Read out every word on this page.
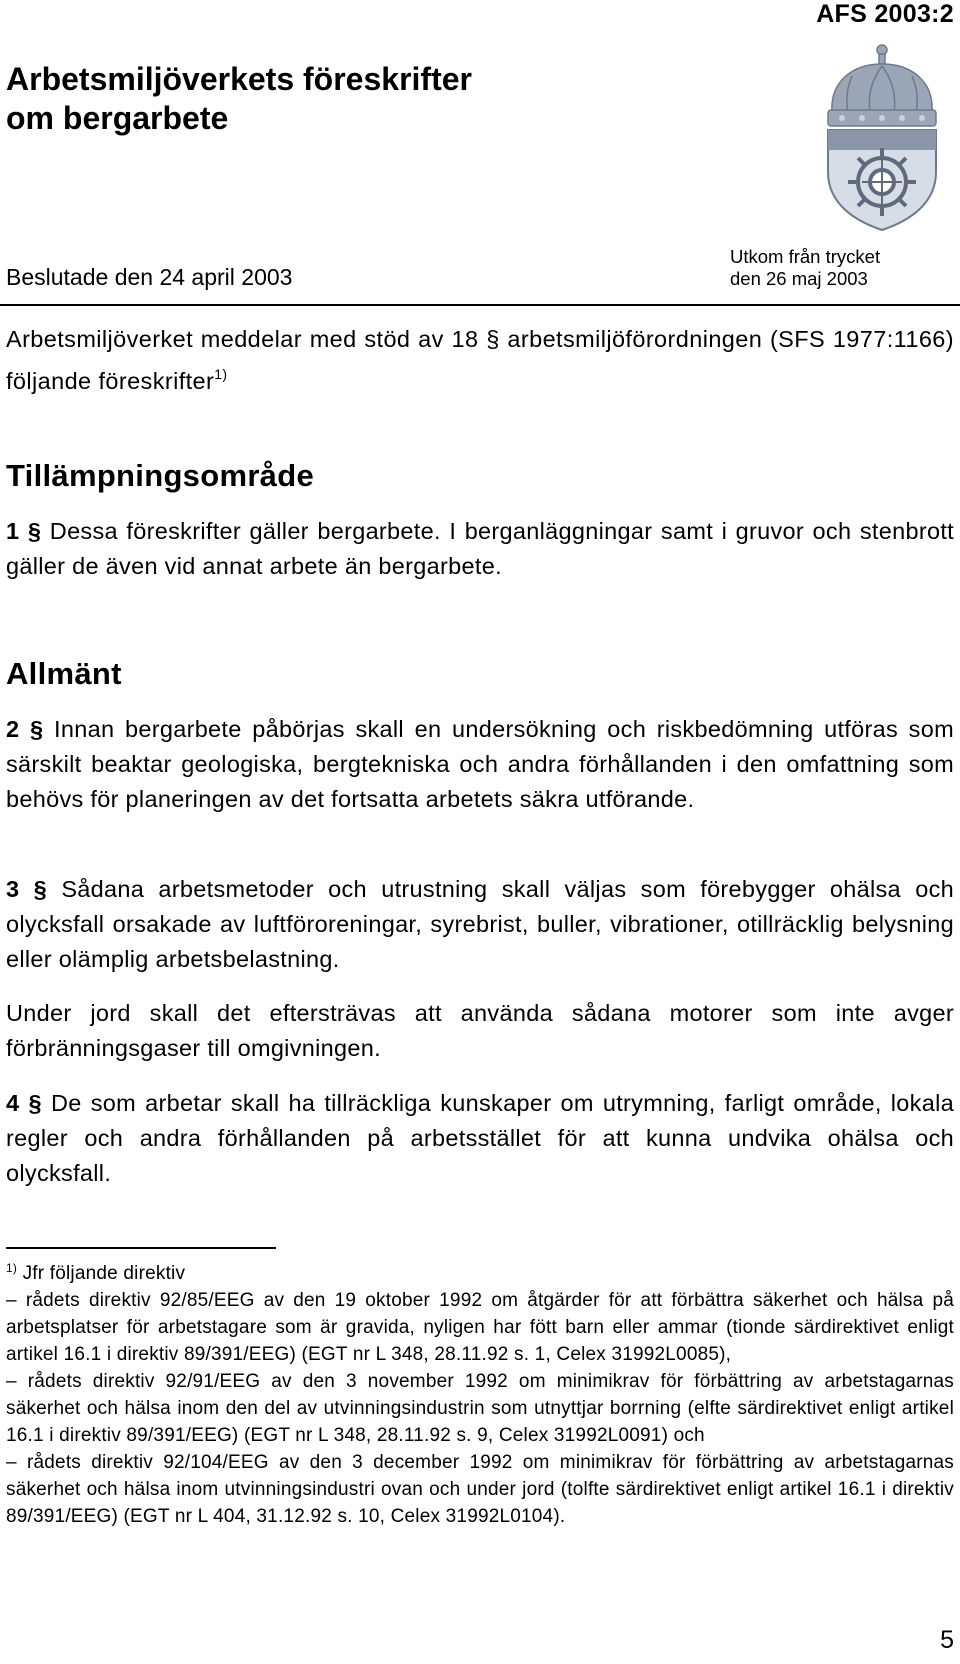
AFS 2003:2
Arbetsmiljöverkets föreskrifter
om bergarbete
Beslutade den 24 april 2003
Utkom från trycket
den 26 maj 2003
Arbetsmiljöverket meddelar med stöd av 18 § arbetsmiljöförordningen (SFS 1977:1166) följande föreskrifter$^{1)}$
Tillämpningsområde
1 § Dessa föreskrifter gäller bergarbete. I berganläggningar samt i gruvor och stenbrott gäller de även vid annat arbete än bergarbete.
Allmänt
2 § Innan bergarbete påbörjas skall en undersökning och riskbedömning utföras som särskilt beaktar geologiska, bergtekniska och andra förhållanden i den omfattning som behövs för planeringen av det fortsatta arbetets säkra utförande.
3 § Sådana arbetsmetoder och utrustning skall väljas som förebygger ohälsa och olycksfall orsakade av luftföroreningar, syrebrist, buller, vibrationer, otillräcklig belysning eller olämplig arbetsbelastning.
Under jord skall det eftersträvas att använda sådana motorer som inte avger förbränningsgaser till omgivningen.
4 § De som arbetar skall ha tillräckliga kunskaper om utrymning, farligt område, lokala regler och andra förhållanden på arbetsstället för att kunna undvika ohälsa och olycksfall.

$^{1)}$ Jfr följande direktiv

– rådets direktiv 92/85/EEG av den 19 oktober 1992 om åtgärder för att förbättra säkerhet och hälsa på arbetsplatser för arbetstagare som är gravida, nyligen har fött barn eller ammar (tionde särdirektivet enligt artikel 16.1 i direktiv 89/391/EEG) (EGT nr L 348, 28.11.92 s. 1, Celex 31992L0085),

– rådets direktiv 92/91/EEG av den 3 november 1992 om minimikrav för förbättring av arbetstagarnas säkerhet och hälsa inom den del av utvinningsindustrin som utnyttjar borrning (elfte särdirektivet enligt artikel 16.1 i direktiv 89/391/EEG) (EGT nr L 348, 28.11.92 s. 9, Celex 31992L0091) och

– rådets direktiv 92/104/EEG av den 3 december 1992 om minimikrav för förbättring av arbetstagarnas säkerhet och hälsa inom utvinningsindustri ovan och under jord (tolfte särdirektivet enligt artikel 16.1 i direktiv 89/391/EEG) (EGT nr L 404, 31.12.92 s. 10, Celex 31992L0104).

5
